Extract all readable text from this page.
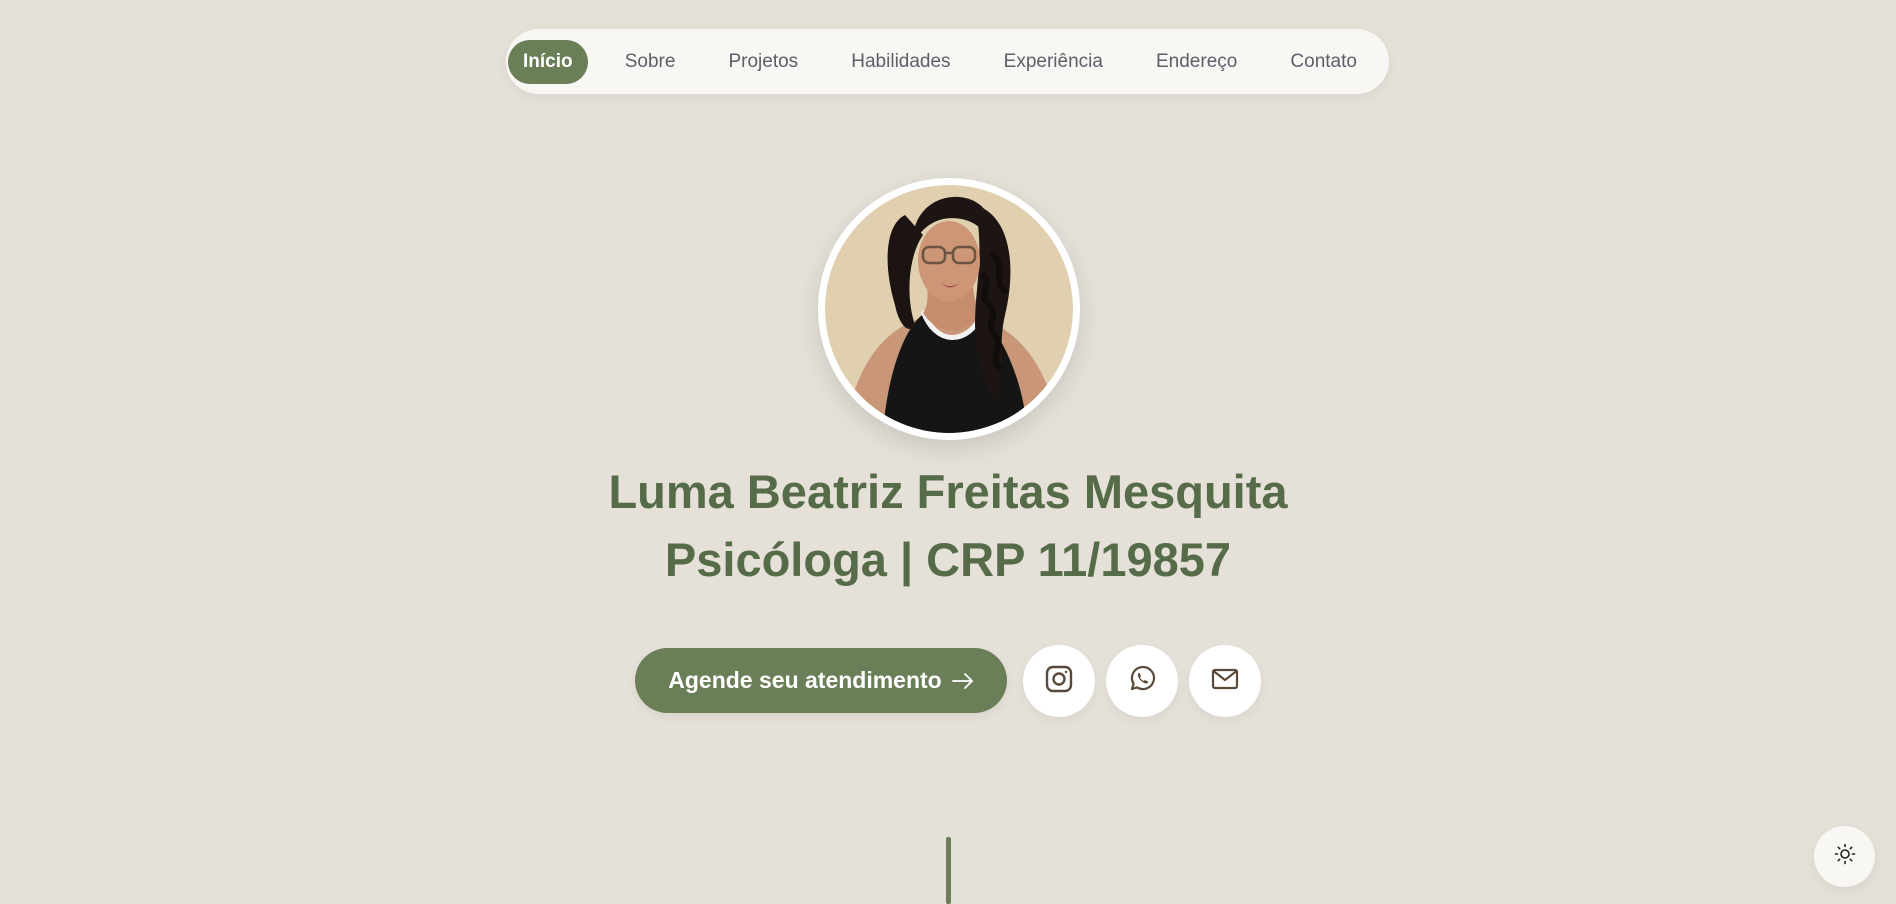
Início	Sobre	Projetos	Habilidades	Experiência	Endereço	Contato
Luma Beatriz Freitas Mesquita
Psicóloga | CRP 11/19857
Agende seu atendimento
